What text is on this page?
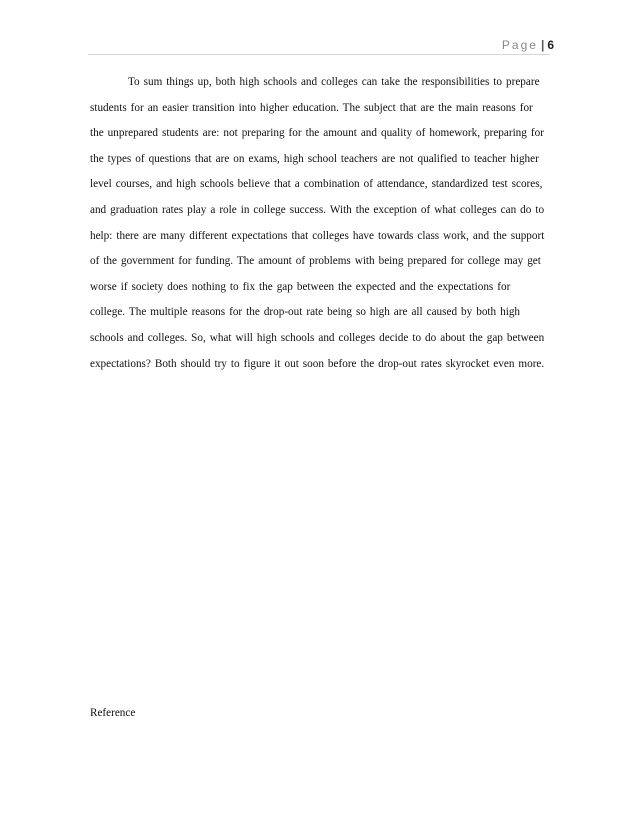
Page | 6

To sum things up, both high schools and colleges can take the responsibilities to prepare students for an easier transition into higher education. The subject that are the main reasons for the unprepared students are: not preparing for the amount and quality of homework, preparing for the types of questions that are on exams, high school teachers are not qualified to teacher higher level courses, and high schools believe that a combination of attendance, standardized test scores, and graduation rates play a role in college success. With the exception of what colleges can do to help: there are many different expectations that colleges have towards class work, and the support of the government for funding. The amount of problems with being prepared for college may get worse if society does nothing to fix the gap between the expected and the expectations for college. The multiple reasons for the drop-out rate being so high are all caused by both high schools and colleges. So, what will high schools and colleges decide to do about the gap between expectations? Both should try to figure it out soon before the drop-out rates skyrocket even more.

Reference
